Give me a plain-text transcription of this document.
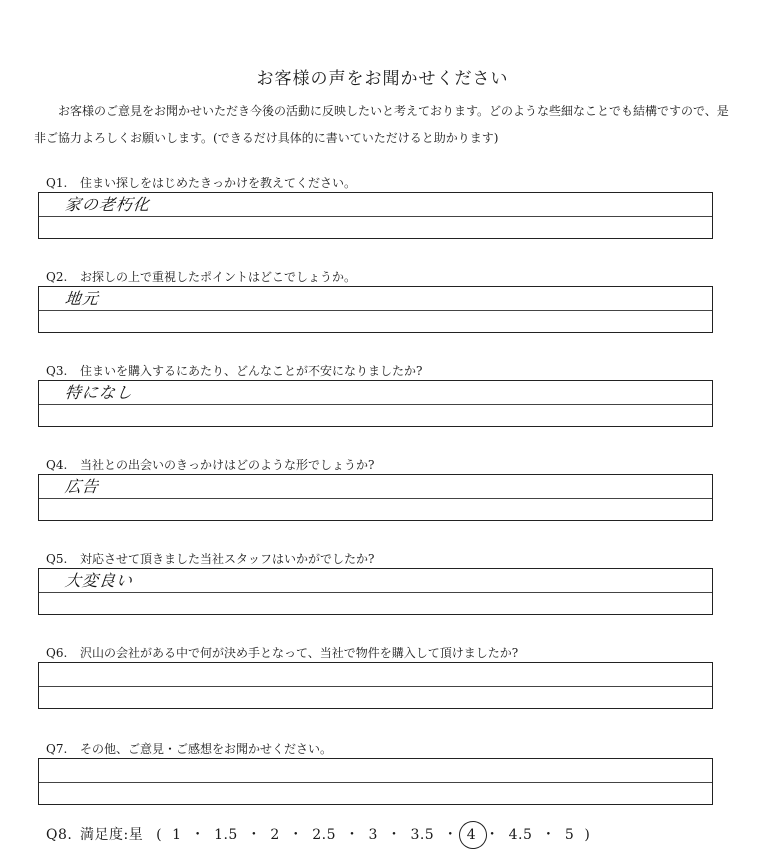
お客様の声をお聞かせください
お客様のご意見をお聞かせいただき今後の活動に反映したいと考えております。どのような些細なことでも結構ですので、是非ご協力よろしくお願いします。(できるだけ具体的に書いていただけると助かります)
Q1. 住まい探しをはじめたきっかけを教えてください。
家の老朽化
Q2. お探しの上で重視したポイントはどこでしょうか。
地元
Q3. 住まいを購入するにあたり、どんなことが不安になりましたか?
特になし
Q4. 当社との出会いのきっかけはどのような形でしょうか?
広告
Q5. 対応させて頂きました当社スタッフはいかがでしたか?
大変良い
Q6. 沢山の会社がある中で何が決め手となって、当社で物件を購入して頂けましたか?
Q7. その他、ご意見・ご感想をお聞かせください。
Q8. 満足度:星 ( 1 ・ 1.5 ・ 2 ・ 2.5 ・ 3 ・ 3.5 ・ 4 ・ 4.5 ・ 5 )
